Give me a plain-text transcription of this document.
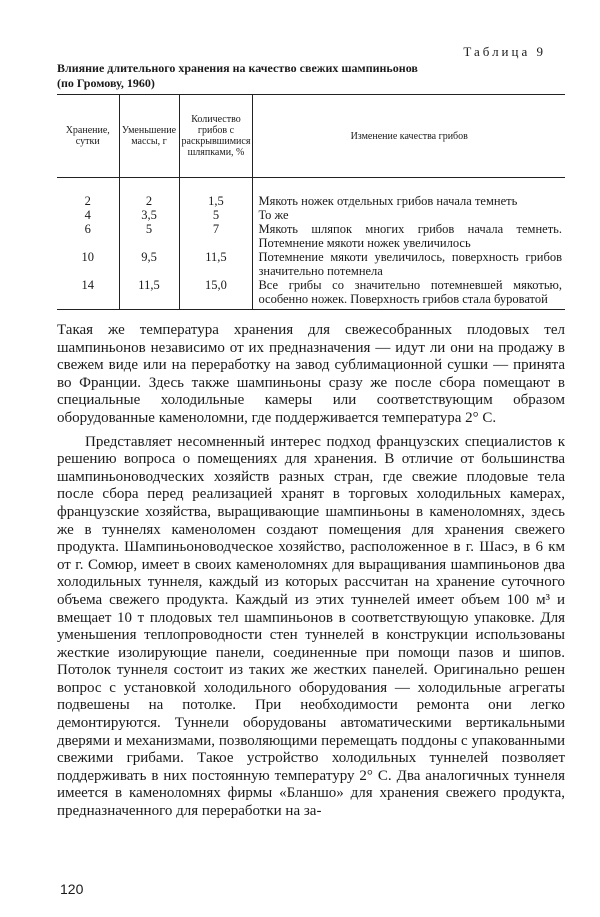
Таблица 9
Влияние длительного хранения на качество свежих шампиньонов
(по Громову, 1960)
Хранение, сутки	Уменьшение массы, г	Количество грибов с раскрывшимися шляпками, %	Изменение качества грибов

2	2	1,5	Мякоть ножек отдельных грибов начала темнеть
4	3,5	5	То же
6	5	7	Мякоть шляпок многих грибов начала темнеть. Потемнение мякоти ножек увеличилось
10	9,5	11,5	Потемнение мякоти увеличилось, поверхность грибов значительно потемнела
14	11,5	15,0	Все грибы со значительно потемневшей мякотью, особенно ножек. Поверхность грибов стала буроватой

Такая же температура хранения для свежесобранных плодовых тел шампиньонов независимо от их предназначения — идут ли они на продажу в свежем виде или на переработку на завод сублимационной сушки — принята во Франции. Здесь также шампиньоны сразу же после сбора помещают в специальные холодильные камеры или соответствующим образом оборудованные каменоломни, где поддерживается температура 2° С.

Представляет несомненный интерес подход французских специалистов к решению вопроса о помещениях для хранения. В отличие от большинства шампиньоноводческих хозяйств разных стран, где свежие плодовые тела после сбора перед реализацией хранят в торговых холодильных камерах, французские хозяйства, выращивающие шампиньоны в каменоломнях, здесь же в туннелях каменоломен создают помещения для хранения свежего продукта. Шампиньоноводческое хозяйство, расположенное в г. Шасэ, в 6 км от г. Сомюр, имеет в своих каменоломнях для выращивания шампиньонов два холодильных туннеля, каждый из которых рассчитан на хранение суточного объема свежего продукта. Каждый из этих туннелей имеет объем 100 м³ и вмещает 10 т плодовых тел шампиньонов в соответствующую упаковке. Для уменьшения теплопроводности стен туннелей в конструкции использованы жесткие изолирующие панели, соединенные при помощи пазов и шипов. Потолок туннеля состоит из таких же жестких панелей. Оригинально решен вопрос с установкой холодильного оборудования — холодильные агрегаты подвешены на потолке. При необходимости ремонта они легко демонтируются. Туннели оборудованы автоматическими вертикальными дверями и механизмами, позволяющими перемещать поддоны с упакованными свежими грибами. Такое устройство холодильных туннелей позволяет поддерживать в них постоянную температуру 2° С. Два аналогичных туннеля имеется в каменоломнях фирмы «Бланшо» для хранения свежего продукта, предназначенного для переработки на за-

120
